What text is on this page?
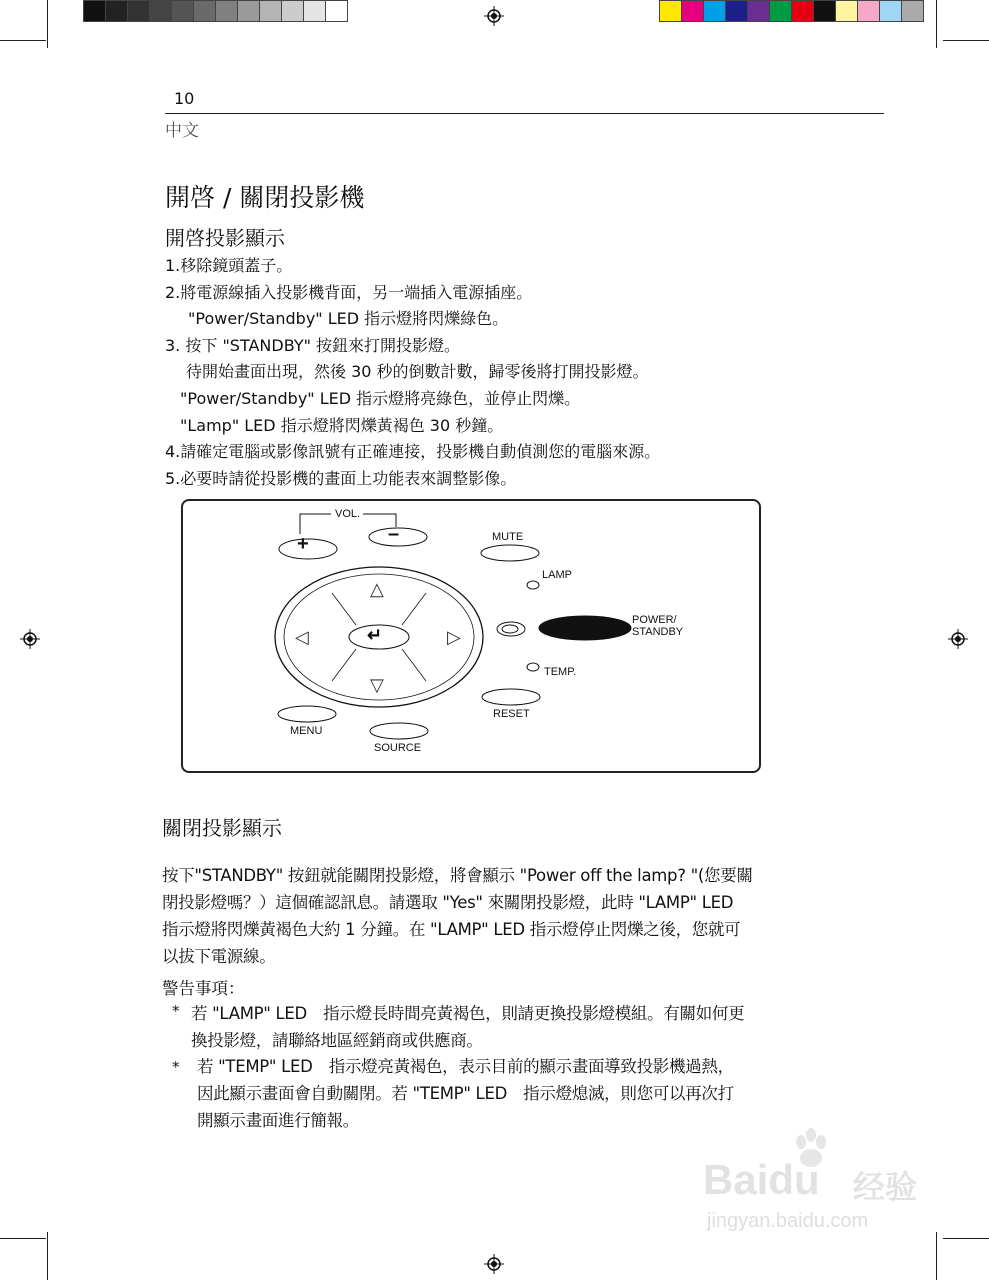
10
中文
開啓 / 關閉投影機
開啓投影顯示
1.移除鏡頭蓋子。
2.將電源線插入投影機背面，另一端插入電源插座。
"Power/Standby" LED 指示燈將閃爍綠色。
3. 按下 "STANDBY" 按鈕來打開投影燈。
待開始畫面出現，然後 30 秒的倒數計數，歸零後將打開投影燈。
"Power/Standby" LED 指示燈將亮綠色，並停止閃爍。
"Lamp" LED 指示燈將閃爍黃褐色 30 秒鐘。
4.請確定電腦或影像訊號有正確連接，投影機自動偵測您的電腦來源。
5.必要時請從投影機的畫面上功能表來調整影像。
VOL.
+	–	MUTE
LAMP
POWER/
STANDBY
TEMP.
RESET
MENU
SOURCE
↵
△
▽
◁	▷
關閉投影顯示
按下"STANDBY" 按鈕就能關閉投影燈，將會顯示 "Power off the lamp? "(您要關
閉投影燈嗎？）這個確認訊息。請選取 "Yes" 來關閉投影燈，此時 "LAMP" LED
指示燈將閃爍黃褐色大約 1 分鐘。在 "LAMP" LED 指示燈停止閃爍之後，您就可
以拔下電源線。
警告事項：
* 若 "LAMP" LED　指示燈長時間亮黃褐色，則請更換投影燈模組。有關如何更
換投影燈，請聯絡地區經銷商或供應商。
* 若 "TEMP" LED　指示燈亮黃褐色，表示目前的顯示畫面導致投影機過熱，
因此顯示畫面會自動關閉。若 "TEMP" LED　指示燈熄滅，則您可以再次打
開顯示畫面進行簡報。
Baidu 经验
jingyan.baidu.com
